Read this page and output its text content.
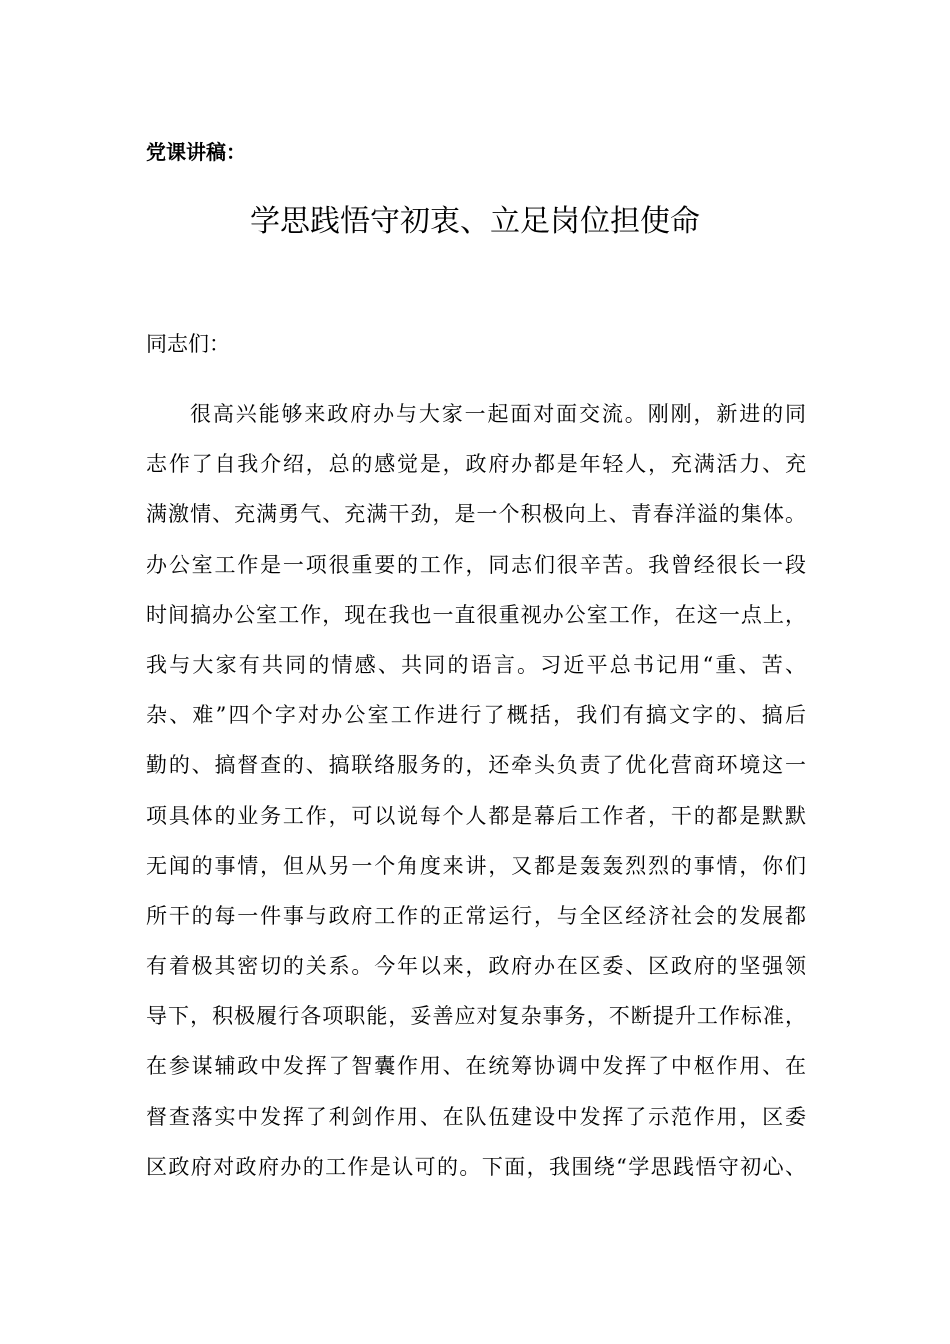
党课讲稿：
学思践悟守初衷、立足岗位担使命
同志们：
很高兴能够来政府办与大家一起面对面交流。刚刚，新进的同
志作了自我介绍，总的感觉是，政府办都是年轻人，充满活力、充
满激情、充满勇气、充满干劲，是一个积极向上、青春洋溢的集体。
办公室工作是一项很重要的工作，同志们很辛苦。我曾经很长一段
时间搞办公室工作，现在我也一直很重视办公室工作，在这一点上，
我与大家有共同的情感、共同的语言。习近平总书记用“重、苦、
杂、难”四个字对办公室工作进行了概括，我们有搞文字的、搞后
勤的、搞督查的、搞联络服务的，还牵头负责了优化营商环境这一
项具体的业务工作，可以说每个人都是幕后工作者，干的都是默默
无闻的事情，但从另一个角度来讲，又都是轰轰烈烈的事情，你们
所干的每一件事与政府工作的正常运行，与全区经济社会的发展都
有着极其密切的关系。今年以来，政府办在区委、区政府的坚强领
导下，积极履行各项职能，妥善应对复杂事务，不断提升工作标准，
在参谋辅政中发挥了智囊作用、在统筹协调中发挥了中枢作用、在
督查落实中发挥了利剑作用、在队伍建设中发挥了示范作用，区委
区政府对政府办的工作是认可的。下面，我围绕“学思践悟守初心、
